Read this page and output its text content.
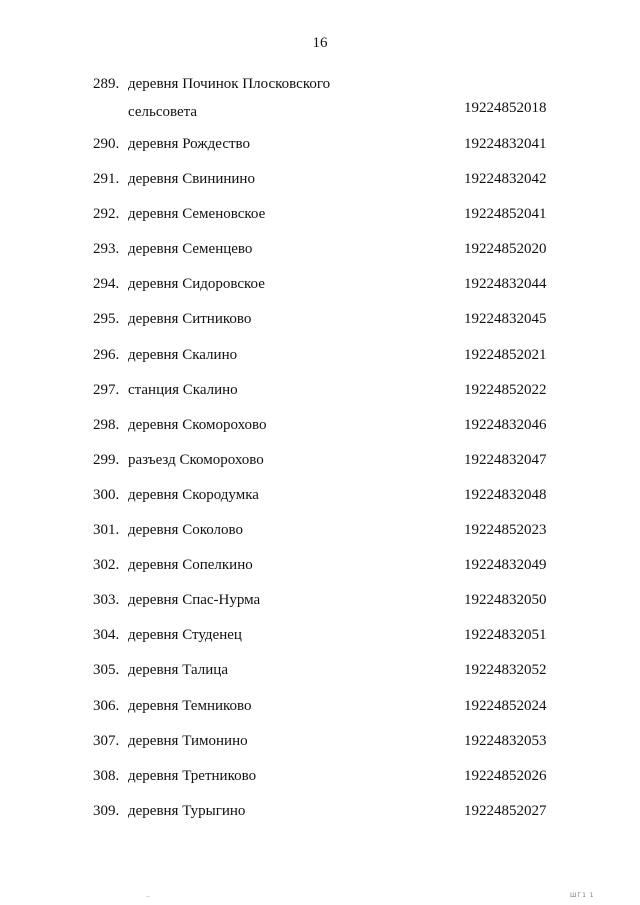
16
289. деревня Починок Плосковского
сельсовета	19224852018
290. деревня Рождество	19224832041
291. деревня Свининино	19224832042
292. деревня Семеновское	19224852041
293. деревня Семенцево	19224852020
294. деревня Сидоровское	19224832044
295. деревня Ситниково	19224832045
296. деревня Скалино	19224852021
297. станция Скалино	19224852022
298. деревня Скоморохово	19224832046
299. разъезд Скоморохово	19224832047
300. деревня Скородумка	19224832048
301. деревня Соколово	19224852023
302. деревня Сопелкино	19224832049
303. деревня Спас-Нурма	19224832050
304. деревня Студенец	19224832051
305. деревня Талица	19224832052
306. деревня Темниково	19224852024
307. деревня Тимонино	19224832053
308. деревня Третниково	19224852026
309. деревня Турыгино	19224852027
..	ШГ1 1
